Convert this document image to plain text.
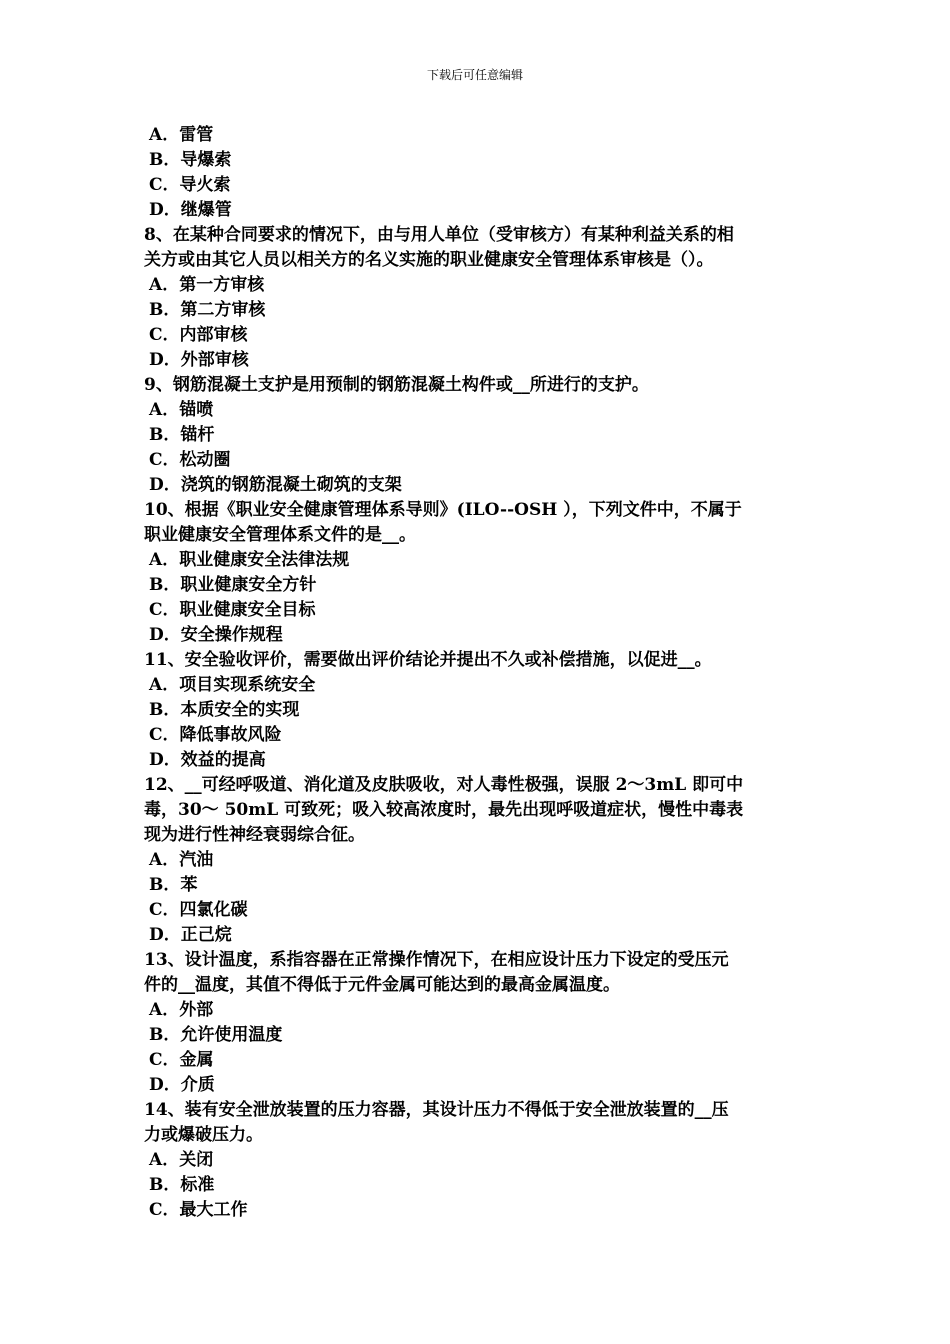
下载后可任意编辑
A．雷管
B．导爆索
C．导火索
D．继爆管
8、在某种合同要求的情况下，由与用人单位（受审核方）有某种利益关系的相
关方或由其它人员以相关方的名义实施的职业健康安全管理体系审核是（）。
A．第一方审核
B．第二方审核
C．内部审核
D．外部审核
9、钢筋混凝土支护是用预制的钢筋混凝土构件或__所进行的支护。
A．锚喷
B．锚杆
C．松动圈
D．浇筑的钢筋混凝土砌筑的支架
10、根据《职业安全健康管理体系导则》(ILO--OSH ），下列文件中，不属于
职业健康安全管理体系文件的是__。
A．职业健康安全法律法规
B．职业健康安全方针
C．职业健康安全目标
D．安全操作规程
11、安全验收评价，需要做出评价结论并提出不久或补偿措施，以促进__。
A．项目实现系统安全
B．本质安全的实现
C．降低事故风险
D．效益的提高
12、__可经呼吸道、消化道及皮肤吸收，对人毒性极强，误服 2～3mL 即可中
毒，30～ 50mL 可致死；吸入较高浓度时，最先出现呼吸道症状，慢性中毒表
现为进行性神经衰弱综合征。
A．汽油
B．苯
C．四氯化碳
D．正己烷
13、设计温度，系指容器在正常操作情况下，在相应设计压力下设定的受压元
件的__温度，其值不得低于元件金属可能达到的最高金属温度。
A．外部
B．允许使用温度
C．金属
D．介质
14、装有安全泄放装置的压力容器，其设计压力不得低于安全泄放装置的__压
力或爆破压力。
A．关闭
B．标准
C．最大工作
